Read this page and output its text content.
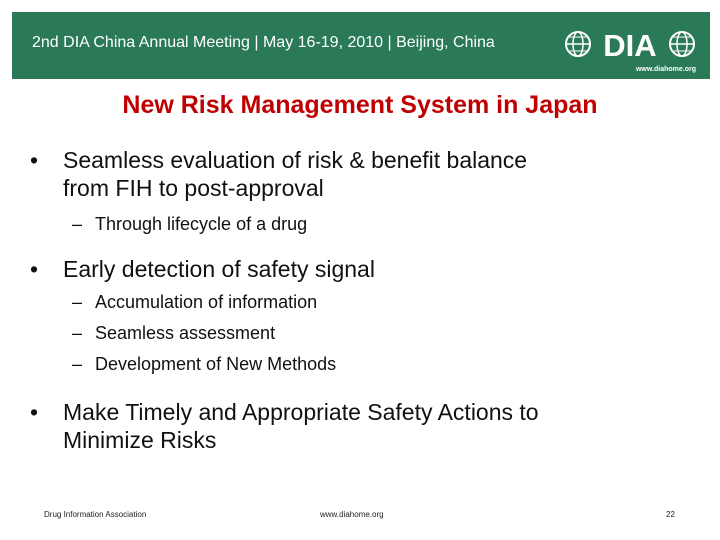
2nd DIA China Annual Meeting | May 16-19, 2010 | Beijing, China	DIA
www.diahome.org
New Risk Management System in Japan
• Seamless evaluation of risk & benefit balance
from FIH to post-approval
– Through lifecycle of a drug
• Early detection of safety signal
– Accumulation of information
– Seamless assessment
– Development of New Methods
• Make Timely and Appropriate Safety Actions to
Minimize Risks
Drug Information Association	www.diahome.org	22
